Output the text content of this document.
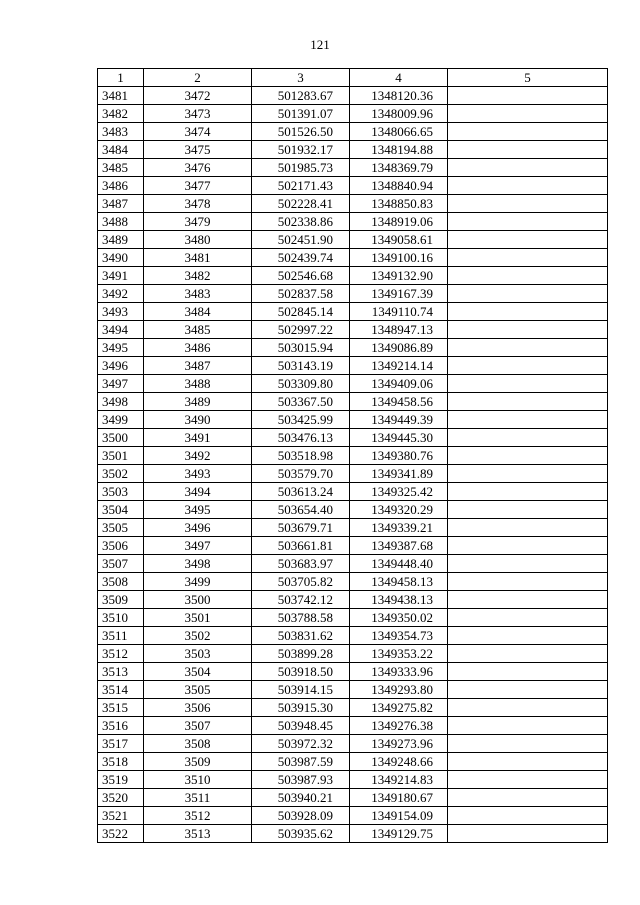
121
1	2	3	4	5
3481	3472	501283.67	1348120.36	
3482	3473	501391.07	1348009.96	
3483	3474	501526.50	1348066.65	
3484	3475	501932.17	1348194.88	
3485	3476	501985.73	1348369.79	
3486	3477	502171.43	1348840.94	
3487	3478	502228.41	1348850.83	
3488	3479	502338.86	1348919.06	
3489	3480	502451.90	1349058.61	
3490	3481	502439.74	1349100.16	
3491	3482	502546.68	1349132.90	
3492	3483	502837.58	1349167.39	
3493	3484	502845.14	1349110.74	
3494	3485	502997.22	1348947.13	
3495	3486	503015.94	1349086.89	
3496	3487	503143.19	1349214.14	
3497	3488	503309.80	1349409.06	
3498	3489	503367.50	1349458.56	
3499	3490	503425.99	1349449.39	
3500	3491	503476.13	1349445.30	
3501	3492	503518.98	1349380.76	
3502	3493	503579.70	1349341.89	
3503	3494	503613.24	1349325.42	
3504	3495	503654.40	1349320.29	
3505	3496	503679.71	1349339.21	
3506	3497	503661.81	1349387.68	
3507	3498	503683.97	1349448.40	
3508	3499	503705.82	1349458.13	
3509	3500	503742.12	1349438.13	
3510	3501	503788.58	1349350.02	
3511	3502	503831.62	1349354.73	
3512	3503	503899.28	1349353.22	
3513	3504	503918.50	1349333.96	
3514	3505	503914.15	1349293.80	
3515	3506	503915.30	1349275.82	
3516	3507	503948.45	1349276.38	
3517	3508	503972.32	1349273.96	
3518	3509	503987.59	1349248.66	
3519	3510	503987.93	1349214.83	
3520	3511	503940.21	1349180.67	
3521	3512	503928.09	1349154.09	
3522	3513	503935.62	1349129.75	
